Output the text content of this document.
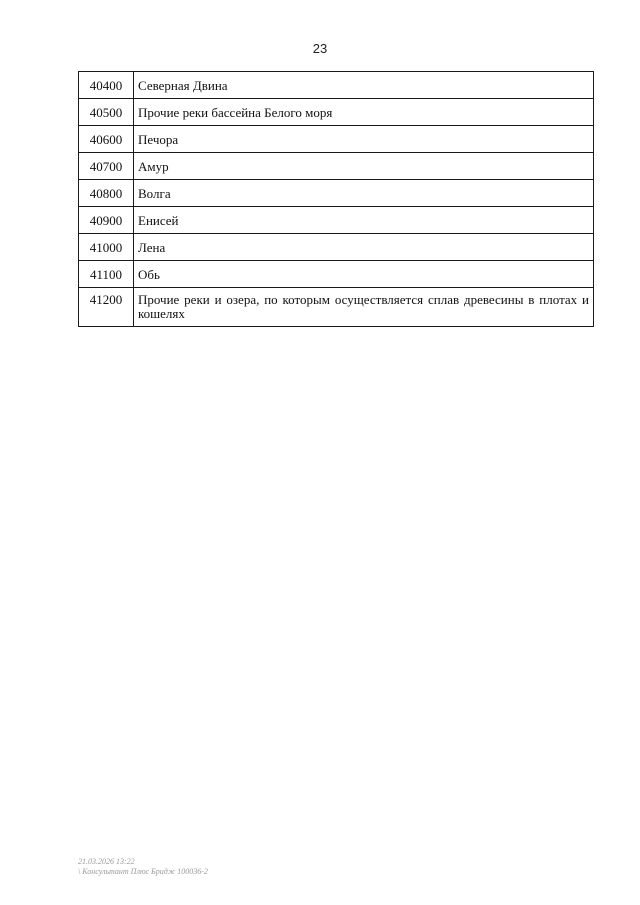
23
40400	Северная Двина
40500	Прочие реки бассейна Белого моря
40600	Печора
40700	Амур
40800	Волга
40900	Енисей
41000	Лена
41100	Обь
41200	Прочие реки и озера, по которым осуществляется сплав древесины в плотах и кошелях
21.03.2026 13:22
\ Консультант Плюс Бридж 100036-2
